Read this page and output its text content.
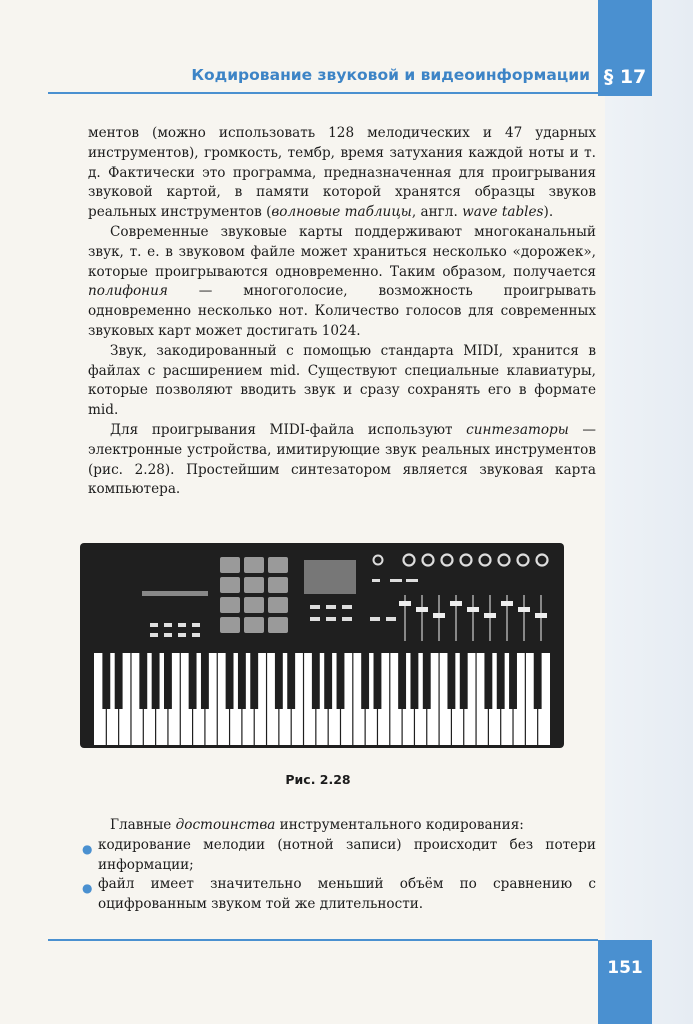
§ 17
Кодирование звуковой и видеоинформации

ментов (можно использовать 128 мелодических и 47 ударных инструментов), громкость, тембр, время затухания каждой ноты и т. д. Фактически это программа, предназначенная для проигрывания звуковой картой, в памяти которой хранятся образцы звуков реальных инструментов (волновые таблицы, англ. wave tables).

Современные звуковые карты поддерживают многоканальный звук, т. е. в звуковом файле может храниться несколько «дорожек», которые проигрываются одновременно. Таким образом, получается полифония — многоголосие, возможность проигрывать одновременно несколько нот. Количество голосов для современных звуковых карт может достигать 1024.

Звук, закодированный с помощью стандарта MIDI, хранится в файлах с расширением mid. Существуют специальные клавиатуры, которые позволяют вводить звук и сразу сохранять его в формате mid.

Для проигрывания MIDI-файла используют синтезаторы — электронные устройства, имитирующие звук реальных инструментов (рис. 2.28). Простейшим синтезатором является звуковая карта компьютера.

Рис. 2.28

Главные достоинства инструментального кодирования:

● кодирование мелодии (нотной записи) происходит без потери информации;
● файл имеет значительно меньший объём по сравнению с оцифрованным звуком той же длительности.
151
